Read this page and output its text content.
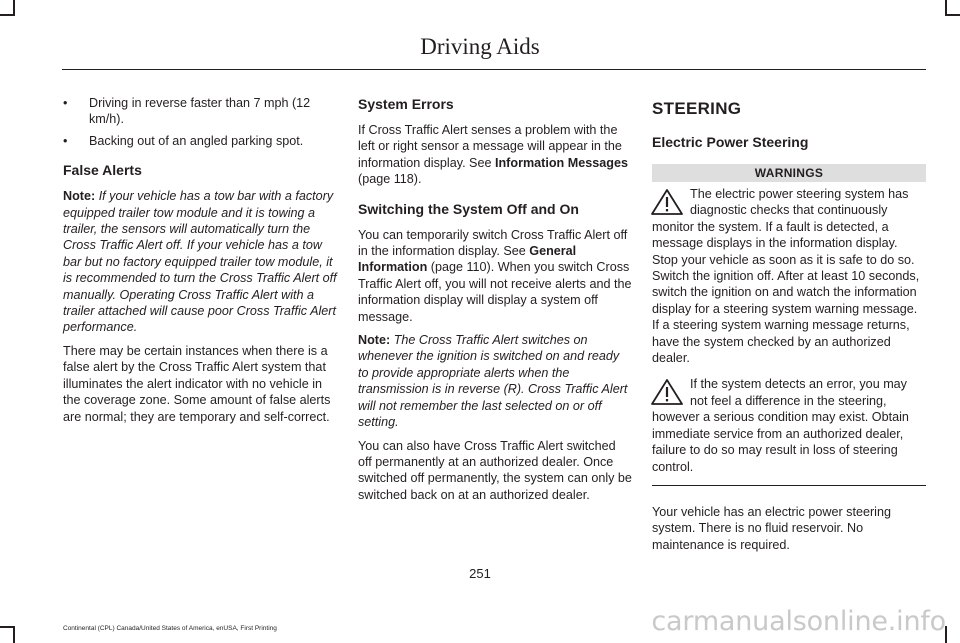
Driving Aids
• Driving in reverse faster than 7 mph (12 km/h).
• Backing out of an angled parking spot.
False Alerts

Note: If your vehicle has a tow bar with a factory equipped trailer tow module and it is towing a trailer, the sensors will automatically turn the Cross Traffic Alert off. If your vehicle has a tow bar but no factory equipped trailer tow module, it is recommended to turn the Cross Traffic Alert off manually. Operating Cross Traffic Alert with a trailer attached will cause poor Cross Traffic Alert performance.

There may be certain instances when there is a false alert by the Cross Traffic Alert system that illuminates the alert indicator with no vehicle in the coverage zone. Some amount of false alerts are normal; they are temporary and self-correct.

System Errors

If Cross Traffic Alert senses a problem with the left or right sensor a message will appear in the information display. See Information Messages (page 118).

Switching the System Off and On

You can temporarily switch Cross Traffic Alert off in the information display. See General Information (page 110). When you switch Cross Traffic Alert off, you will not receive alerts and the information display will display a system off message.

Note: The Cross Traffic Alert switches on whenever the ignition is switched on and ready to provide appropriate alerts when the transmission is in reverse (R). Cross Traffic Alert will not remember the last selected on or off setting.

You can also have Cross Traffic Alert switched off permanently at an authorized dealer. Once switched off permanently, the system can only be switched back on at an authorized dealer.

STEERING
Electric Power Steering
WARNINGS
The electric power steering system has diagnostic checks that continuously monitor the system. If a fault is detected, a message displays in the information display. Stop your vehicle as soon as it is safe to do so. Switch the ignition off. After at least 10 seconds, switch the ignition on and watch the information display for a steering system warning message. If a steering system warning message returns, have the system checked by an authorized dealer.
If the system detects an error, you may not feel a difference in the steering, however a serious condition may exist. Obtain immediate service from an authorized dealer, failure to do so may result in loss of steering control.

Your vehicle has an electric power steering system. There is no fluid reservoir. No maintenance is required.

251
Continental (CPL) Canada/United States of America, enUSA, First Printing	carmanualsonline.info
